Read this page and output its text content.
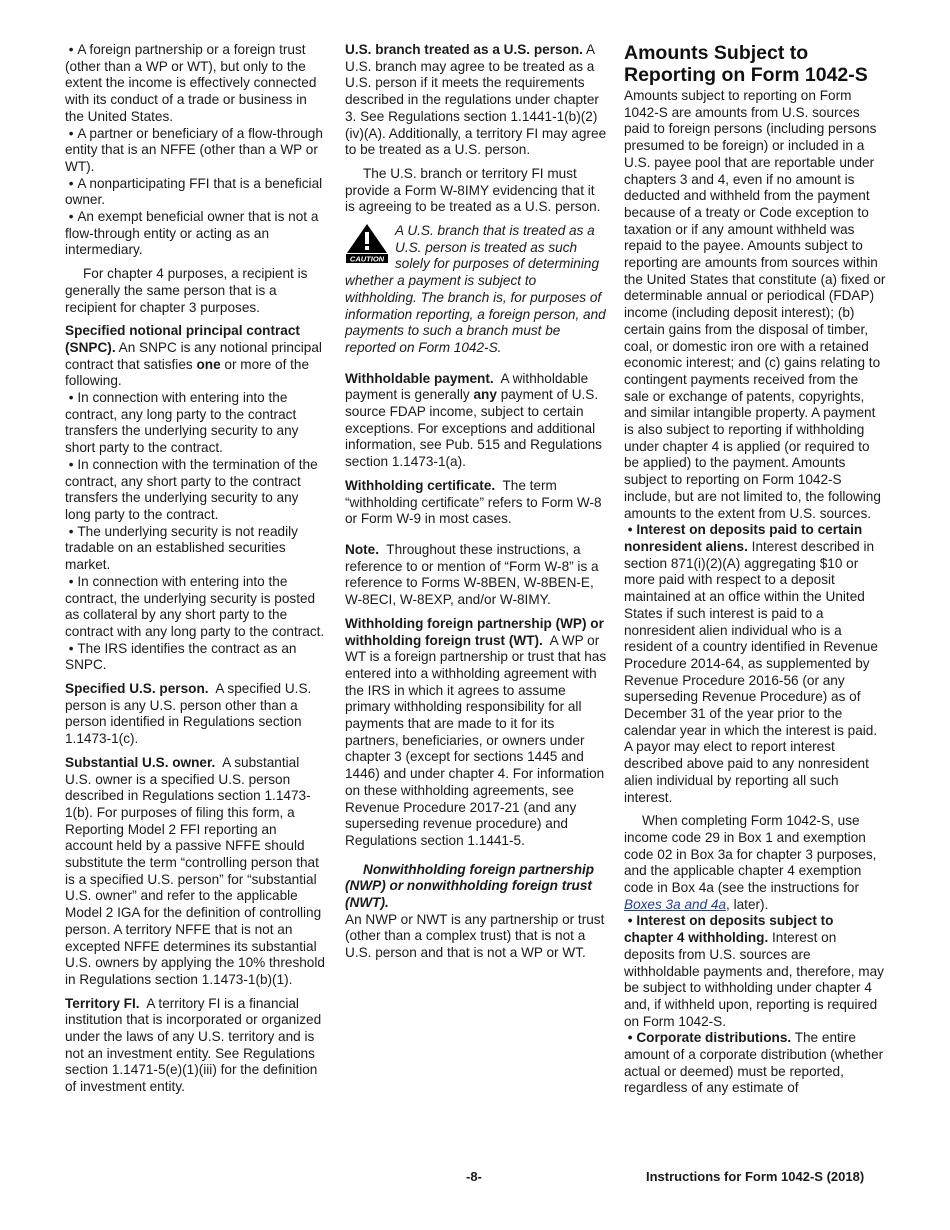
• A foreign partnership or a foreign trust (other than a WP or WT), but only to the extent the income is effectively connected with its conduct of a trade or business in the United States.

• A partner or beneficiary of a flow-through entity that is an NFFE (other than a WP or WT).

• A nonparticipating FFI that is a beneficial owner.

• An exempt beneficial owner that is not a flow-through entity or acting as an intermediary.

For chapter 4 purposes, a recipient is generally the same person that is a recipient for chapter 3 purposes.

Specified notional principal contract (SNPC). An SNPC is any notional principal contract that satisfies one or more of the following.

• In connection with entering into the contract, any long party to the contract transfers the underlying security to any short party to the contract.

• In connection with the termination of the contract, any short party to the contract transfers the underlying security to any long party to the contract.

• The underlying security is not readily tradable on an established securities market.

• In connection with entering into the contract, the underlying security is posted as collateral by any short party to the contract with any long party to the contract.

• The IRS identifies the contract as an SNPC.

Specified U.S. person. A specified U.S. person is any U.S. person other than a person identified in Regulations section 1.1473-1(c).

Substantial U.S. owner. A substantial U.S. owner is a specified U.S. person described in Regulations section 1.1473-1(b). For purposes of filing this form, a Reporting Model 2 FFI reporting an account held by a passive NFFE should substitute the term “controlling person that is a specified U.S. person” for “substantial U.S. owner” and refer to the applicable Model 2 IGA for the definition of controlling person. A territory NFFE that is not an excepted NFFE determines its substantial U.S. owners by applying the 10% threshold in Regulations section 1.1473-1(b)(1).

Territory FI. A territory FI is a financial institution that is incorporated or organized under the laws of any U.S. territory and is not an investment entity. See Regulations section 1.1471-5(e)(1)(iii) for the definition of investment entity.

U.S. branch treated as a U.S. person. A U.S. branch may agree to be treated as a U.S. person if it meets the requirements described in the regulations under chapter 3. See Regulations section 1.1441-1(b)(2)(iv)(A). Additionally, a territory FI may agree to be treated as a U.S. person.

The U.S. branch or territory FI must provide a Form W-8IMY evidencing that it is agreeing to be treated as a U.S. person.

CAUTION
A U.S. branch that is treated as a U.S. person is treated as such solely for purposes of determining whether a payment is subject to withholding. The branch is, for purposes of information reporting, a foreign person, and payments to such a branch must be reported on Form 1042-S.

Withholdable payment. A withholdable payment is generally any payment of U.S. source FDAP income, subject to certain exceptions. For exceptions and additional information, see Pub. 515 and Regulations section 1.1473-1(a).

Withholding certificate. The term “withholding certificate” refers to Form W-8 or Form W-9 in most cases.

Note. Throughout these instructions, a reference to or mention of “Form W-8” is a reference to Forms W-8BEN, W-8BEN-E, W-8ECI, W-8EXP, and/or W-8IMY.

Withholding foreign partnership (WP) or withholding foreign trust (WT). A WP or WT is a foreign partnership or trust that has entered into a withholding agreement with the IRS in which it agrees to assume primary withholding responsibility for all payments that are made to it for its partners, beneficiaries, or owners under chapter 3 (except for sections 1445 and 1446) and under chapter 4. For information on these withholding agreements, see Revenue Procedure 2017-21 (and any superseding revenue procedure) and Regulations section 1.1441-5.

Nonwithholding foreign partnership (NWP) or nonwithholding foreign trust (NWT).
An NWP or NWT is any partnership or trust (other than a complex trust) that is not a U.S. person and that is not a WP or WT.

Amounts Subject to Reporting on Form 1042-S

Amounts subject to reporting on Form 1042-S are amounts from U.S. sources paid to foreign persons (including persons presumed to be foreign) or included in a U.S. payee pool that are reportable under chapters 3 and 4, even if no amount is deducted and withheld from the payment because of a treaty or Code exception to taxation or if any amount withheld was repaid to the payee. Amounts subject to reporting are amounts from sources within the United States that constitute (a) fixed or determinable annual or periodical (FDAP) income (including deposit interest); (b) certain gains from the disposal of timber, coal, or domestic iron ore with a retained economic interest; and (c) gains relating to contingent payments received from the sale or exchange of patents, copyrights, and similar intangible property. A payment is also subject to reporting if withholding under chapter 4 is applied (or required to be applied) to the payment. Amounts subject to reporting on Form 1042-S include, but are not limited to, the following amounts to the extent from U.S. sources.

• Interest on deposits paid to certain nonresident aliens. Interest described in section 871(i)(2)(A) aggregating $10 or more paid with respect to a deposit maintained at an office within the United States if such interest is paid to a nonresident alien individual who is a resident of a country identified in Revenue Procedure 2014-64, as supplemented by Revenue Procedure 2016-56 (or any superseding Revenue Procedure) as of December 31 of the year prior to the calendar year in which the interest is paid. A payor may elect to report interest described above paid to any nonresident alien individual by reporting all such interest.

When completing Form 1042-S, use income code 29 in Box 1 and exemption code 02 in Box 3a for chapter 3 purposes, and the applicable chapter 4 exemption code in Box 4a (see the instructions for Boxes 3a and 4a, later).

• Interest on deposits subject to chapter 4 withholding. Interest on deposits from U.S. sources are withholdable payments and, therefore, may be subject to withholding under chapter 4 and, if withheld upon, reporting is required on Form 1042-S.

• Corporate distributions. The entire amount of a corporate distribution (whether actual or deemed) must be reported, regardless of any estimate of

-8-	Instructions for Form 1042-S (2018)
